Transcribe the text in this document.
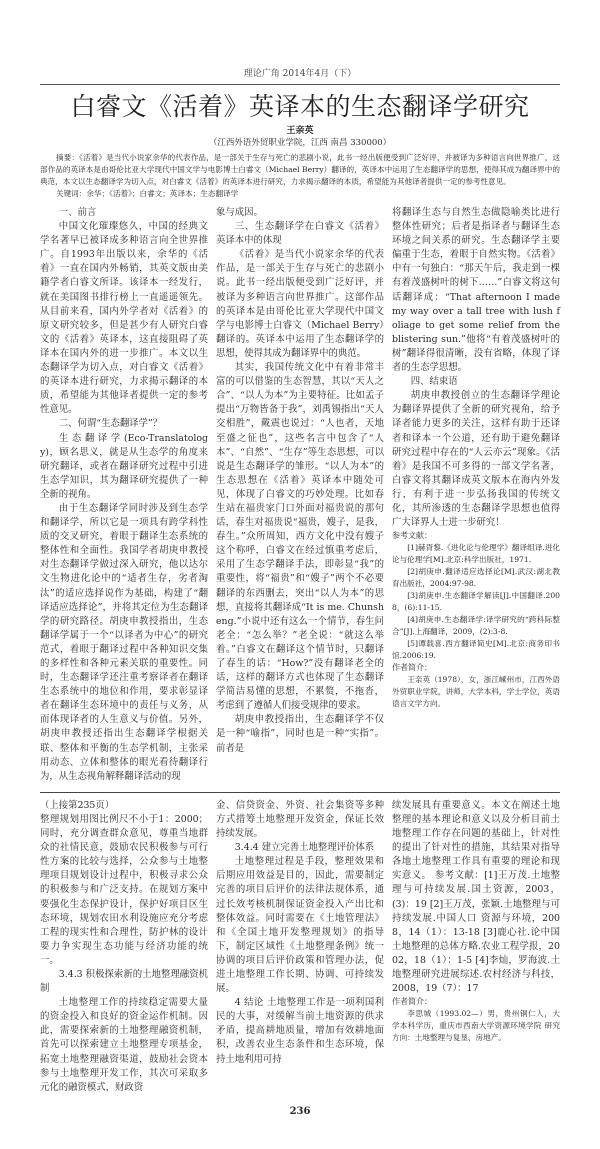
理论广角 2014年4月（下）
白睿文《活着》英译本的生态翻译学研究
王亲英
（江西外语外贸职业学院，江西 南昌 330000）
摘要：《活着》是当代小说家余华的代表作品，是一部关于生存与死亡的悲剧小说，此书一经出版便受到广泛好评，并被译为多种语言向世界推广，这部作品的英译本是由哥伦比亚大学现代中国文学与电影博士白睿文（Michael Berry）翻译的，英译本中运用了生态翻译学的思想，使得其成为翻译界中的典范，本文以生态翻译学为切入点，对白睿文《活着》的英译本进行研究，力求揭示翻译的本质，希望能为其他译者提供一定的参考性意见。
关键词：余华；《活着》；白睿文；英译本；生态翻译学

一、前言

中国文化璀璨悠久，中国的经典文学名著早已被译成多种语言向全世界推广。自1993年出版以来，余华的《活着》一直在国内外畅销，其英文版由美籍学者白睿文所译。该译本一经发行，就在美国图书排行榜上一直遥遥领先。从目前来看，国内外学者对《活着》的原文研究较多，但是甚少有人研究白睿文的《活着》英译本，这直接阻碍了英译本在国内外的进一步推广。本文以生态翻译学为切入点，对白睿文《活着》的英译本进行研究，力求揭示翻译的本质，希望能为其他译者提供一定的参考性意见。

二、何谓“生态翻译学”？

生态翻译学(Eco-Translatology)，顾名思义，就是从生态学的角度来研究翻译，或者在翻译研究过程中引进生态学知识，其为翻译研究提供了一种全新的视角。

由于生态翻译学同时涉及到生态学和翻译学，所以它是一项具有跨学科性质的交叉研究，着眼于翻译生态系统的整体性和全面性。我国学者胡庚申教授对生态翻译学做过深入研究，他以达尔文生物进化论中的“适者生存，劣者淘汰”的适应选择说作为基础，构建了“翻译适应选择论”，并将其定位为生态翻译学的研究路径。胡庚申教授指出，生态翻译学属于一个“以译者为中心”的研究范式，着眼于翻译过程中各种知识交集的多样性和各种元素关联的重要性。同时，生态翻译学还注重考察译者在翻译生态系统中的地位和作用，要求彰显译者在翻译生态环境中的责任与义务，从而体现译者的人生意义与价值。另外，胡庚申教授还指出生态翻译学根据关联、整体和平衡的生态学机制，主张采用动态、立体和整体的眼光看待翻译行为，从生态视角解释翻译活动的现

象与成因。

三、生态翻译学在白睿文《活着》英译本中的体现

《活着》是当代小说家余华的代表作品，是一部关于生存与死亡的悲剧小说。此书一经出版便受到广泛好评，并被译为多种语言向世界推广。这部作品的英译本是由哥伦比亚大学现代中国文学与电影博士白睿文（Michael Berry）翻译的。英译本中运用了生态翻译学的思想，使得其成为翻译界中的典范。

其实，我国传统文化中有着非常丰富的可以借鉴的生态智慧，其以“天人之合”、“以人为本”为主要特征。比如孟子提出“万物皆备于我”，刘禹锡指出“天人交相胜”，戴震也说过：“人也者，天地至盛之征也”，这些名言中包含了“人本”、“自然”、“生存”等生态思想，可以说是生态翻译学的雏形。“以人为本”的生态思想在《活着》英译本中随处可见，体现了白睿文的巧妙处理。比如春生站在福贵家门口外面对福贵说的那句话，春生对福贵说“福贵，嫂子，是我，春生。”众所周知，西方文化中没有嫂子这个称呼，白睿文在经过慎重考虑后，采用了生态学翻译手法，即彰显“我”的重要性，将“福贵”和“嫂子”两个不必要翻译的东西删去，突出“以人为本”的思想，直接将其翻译成“It is me. Chunsheng.”小说中还有这么一个情节，春生问老全：“怎么举？”老全说：“就这么举着。”白睿文在翻译这个情节时，只翻译了春生的话：“How?”没有翻译老全的话，这样的翻译方式也体现了生态翻译学简洁易懂的思想，不累赘，不拖沓，考虑到了遵循人们接受规律的要求。

胡庚申教授指出，生态翻译学不仅是一种“喻指”，同时也是一种“实指”。前者是

将翻译生态与自然生态做隐喻类比进行整体性研究；后者是指译者与翻译生态环境之间关系的研究。生态翻译学主要偏重于生态，着眼于自然实物。《活着》中有一句独白：“那天午后，我走到一棵有着茂盛树叶的树下……”白睿文将这句话翻译成：“That afternoon I made my way over a tall tree with lush foliage to get some relief from the blistering sun.”他将“有着茂盛树叶的树”翻译得很清晰，没有省略，体现了译者的生态学思想。

四、结束语

胡庚申教授创立的生态翻译学理论为翻译界提供了全新的研究视角，给予译者能力更多的关注，这样有助于还译者和译本一个公道，还有助于避免翻译研究过程中存在的“人云亦云”现象。《活着》是我国不可多得的一部文学名著，白睿文将其翻译成英文版本在海内外发行，有利于进一步弘扬我国的传统文化，其所渗透的生态翻译学思想也值得广大译界人士进一步研究！

参考文献：

[1]赫胥黎.《进化论与伦理学》翻译组译.进化论与伦理学[M].北京:科学出版社，1971.

[2]胡庚申.翻译适应选择论[M].武汉:湖北教育出版社，2004:97-98.

[3]胡庚申.生态翻译学解读[J].中国翻译.2008，(6):11-15.

[4]胡庚申.生态翻译学:译学研究的“跨科际整合”[J].上海翻译，2009，(2):3-8.

[5]谭载喜.西方翻译简史[M].北京:商务印书馆.2006:19.

作者简介：

王亲英（1978），女，浙江嵊州市，江西外语外贸职业学院，讲师，大学本科，学士学位，英语语言文学方向。

（上接第235页）

整理规划用图比例尺不小于1：2000；同时，充分调查群众意见，尊重当地群众的社情民意，鼓励农民积极参与可行性方案的比较与选择，公众参与土地整理项目规划设计过程中，积极寻求公众的积极参与和广泛支持。在规划方案中要强化生态保护设计，保护好项目区生态环境，规划农田水利设施应充分考虑工程的现实性和合理性，防护林的设计要力争实现生态功能与经济功能的统一。

3.4.3 积极探索新的土地整理融资机制

土地整理工作的持续稳定需要大量的资金投入和良好的资金运作机制。因此，需要探索新的土地整理融资机制，首先可以探索建立土地整理专项基金，拓宽土地整理融资渠道，鼓励社会资本参与土地整理开发工作，其次可采取多元化的融资模式，财政资

金、信贷资金、外资、社会集资等多种方式措筹土地整理开发资金，保证长效持续发展。

3.4.4 建立完善土地整理评价体系

土地整理过程是手段，整理效果和后期应用效益是目的，因此，需要制定完善的项目后评价的法律法规体系，通过长效考核机制保证资金投入产出比和整体效益。同时需要在《土地管理法》和《全国土地开发整理规划》的指导下，制定区域性《土地整理条例》统一协调的项目后评价政策和管理办法，促进土地整理工作长期、协调、可持续发展。

4 结论 土地整理工作是一项利国利民的大事，对缓解当前土地资源的供求矛盾，提高耕地质量，增加有效耕地面积，改善农业生态条件和生态环境，保持土地利用可持

续发展具有重要意义。本文在阐述土地整理的基本理论和意义以及分析目前土地整理工作存在问题的基础上，针对性的提出了针对性的措施，其结果对指导各地土地整理工作具有重要的理论和现实意义。 参考文献：[1]王万茂.土地整理与可持续发展.国土资源，2003，(3)：19 [2]王万茂，张颖.土地整理与可持续发展.中国人口 资源与环境，2008，14（1）：13-18 [3]鹿心社.论中国土地整理的总体方略.农业工程学报，2002，18（1）：1-5 [4]李灿，罗海波.土地整理研究进展综述.农村经济与科技，2008，19（7）：17

作者简介：

李思城（1993.02—）男，贵州铜仁人，大学本科学历，重庆市西南大学资源环境学院 研究方向：土地整理与复垦、房地产。

236
